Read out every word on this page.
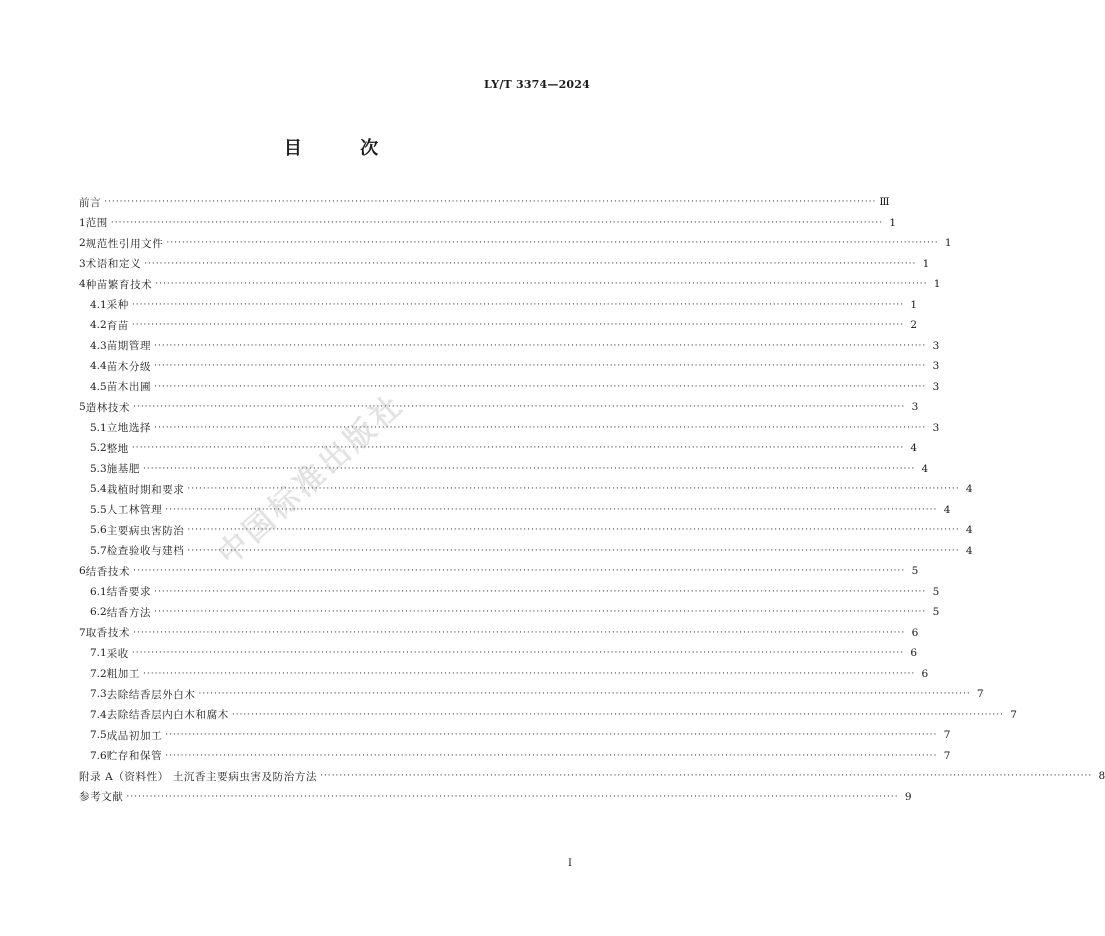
LY/T 3374—2024
目 次
前言 ········································································································································································································ Ⅲ
1 范围 ········································································································································································································ 1
2 规范性引用文件 ········································································································································································································ 1
3 术语和定义 ········································································································································································································ 1
4 种苗繁育技术 ········································································································································································································ 1
4.1 采种 ········································································································································································································ 1
4.2 育苗 ········································································································································································································ 2
4.3 苗期管理 ········································································································································································································ 3
4.4 苗木分级 ········································································································································································································ 3
4.5 苗木出圃 ········································································································································································································ 3
5 造林技术 ········································································································································································································ 3
5.1 立地选择 ········································································································································································································ 3
5.2 整地 ········································································································································································································ 4
5.3 施基肥 ········································································································································································································ 4
5.4 栽植时期和要求 ········································································································································································································ 4
5.5 人工林管理 ········································································································································································································ 4
5.6 主要病虫害防治 ········································································································································································································ 4
5.7 检查验收与建档 ········································································································································································································ 4
6 结香技术 ········································································································································································································ 5
6.1 结香要求 ········································································································································································································ 5
6.2 结香方法 ········································································································································································································ 5
7 取香技术 ········································································································································································································ 6
7.1 采收 ········································································································································································································ 6
7.2 粗加工 ········································································································································································································ 6
7.3 去除结香层外白木 ········································································································································································································ 7
7.4 去除结香层内白木和腐木 ········································································································································································································ 7
7.5 成品初加工 ········································································································································································································ 7
7.6 贮存和保管 ········································································································································································································ 7
附录 A（资料性） 土沉香主要病虫害及防治方法 ········································································································································································································ 8
参考文献 ········································································································································································································ 9
I
中国标准出版社
